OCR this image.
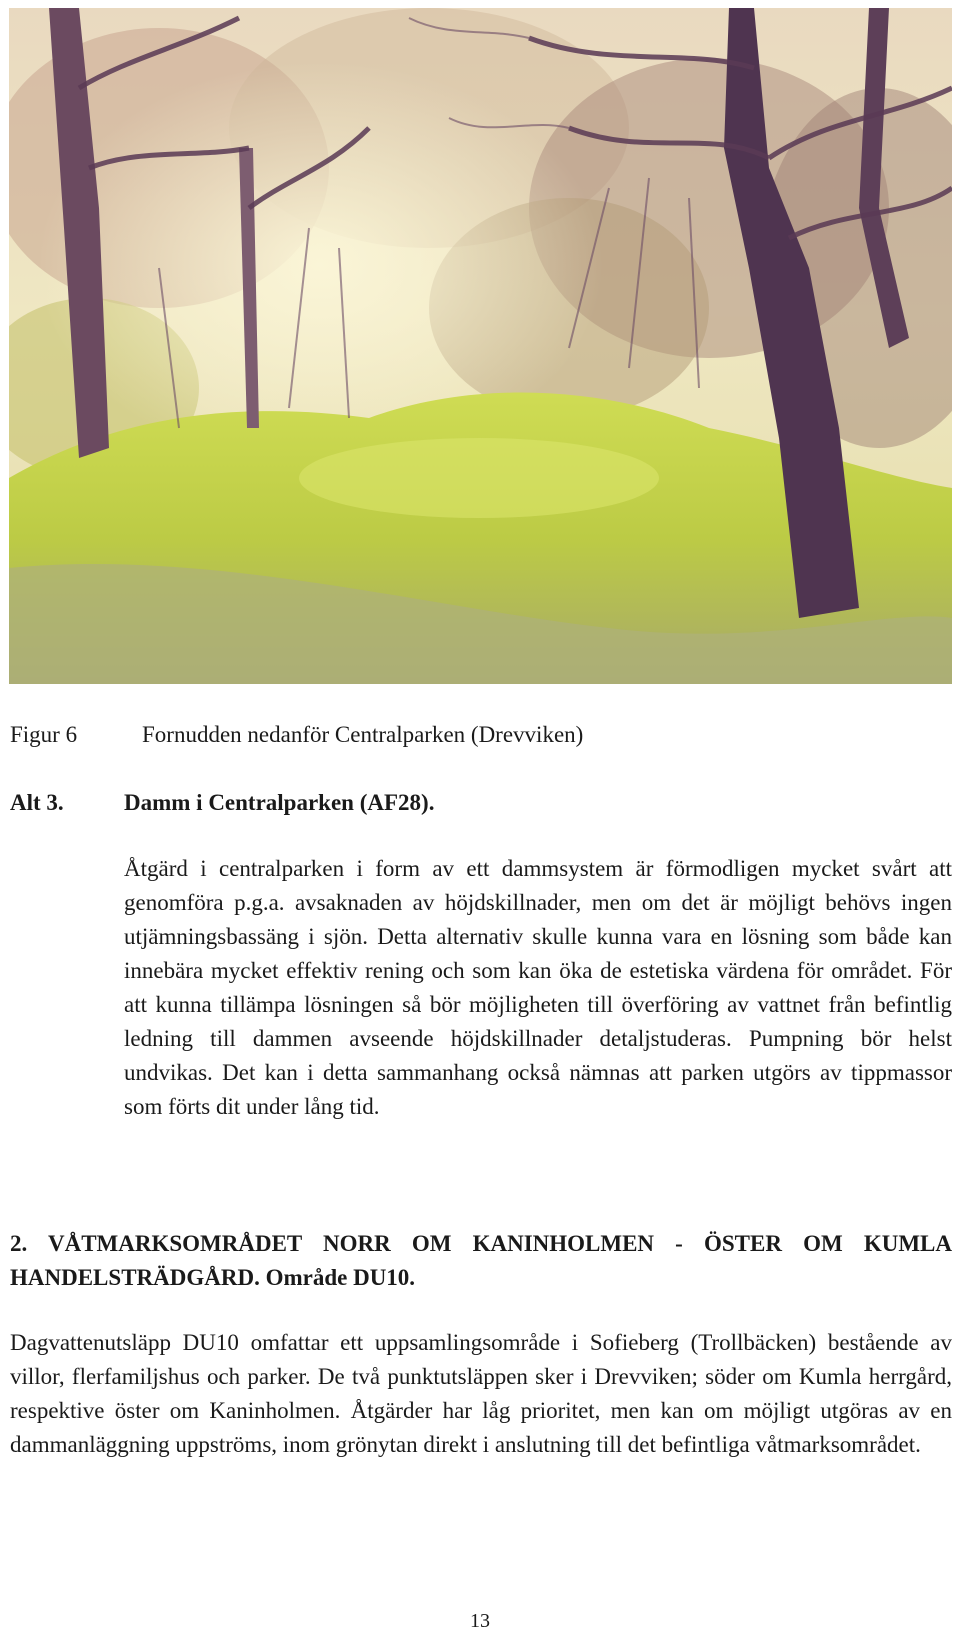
Figur 6	Fornudden nedanför Centralparken (Drevviken)
Alt 3.	Damm i Centralparken (AF28).

Åtgärd i centralparken i form av ett dammsystem är förmodligen mycket svårt att genomföra p.g.a. avsaknaden av höjdskillnader, men om det är möjligt behövs ingen utjämningsbassäng i sjön. Detta alternativ skulle kunna vara en lösning som både kan innebära mycket effektiv rening och som kan öka de estetiska värdena för området. För att kunna tillämpa lösningen så bör möjligheten till överföring av vattnet från befintlig ledning till dammen avseende höjdskillnader detaljstuderas. Pumpning bör helst undvikas. Det kan i detta sammanhang också nämnas att parken utgörs av tippmassor som förts dit under lång tid.

2. VÅTMARKSOMRÅDET NORR OM KANINHOLMEN - ÖSTER OM KUMLA HANDELSTRÄDGÅRD. Område DU10.

Dagvattenutsläpp DU10 omfattar ett uppsamlingsområde i Sofieberg (Trollbäcken) bestående av villor, flerfamiljshus och parker. De två punktutsläppen sker i Drevviken; söder om Kumla herrgård, respektive öster om Kaninholmen. Åtgärder har låg prioritet, men kan om möjligt utgöras av en dammanläggning uppströms, inom grönytan direkt i anslutning till det befintliga våtmarksområdet.

13
